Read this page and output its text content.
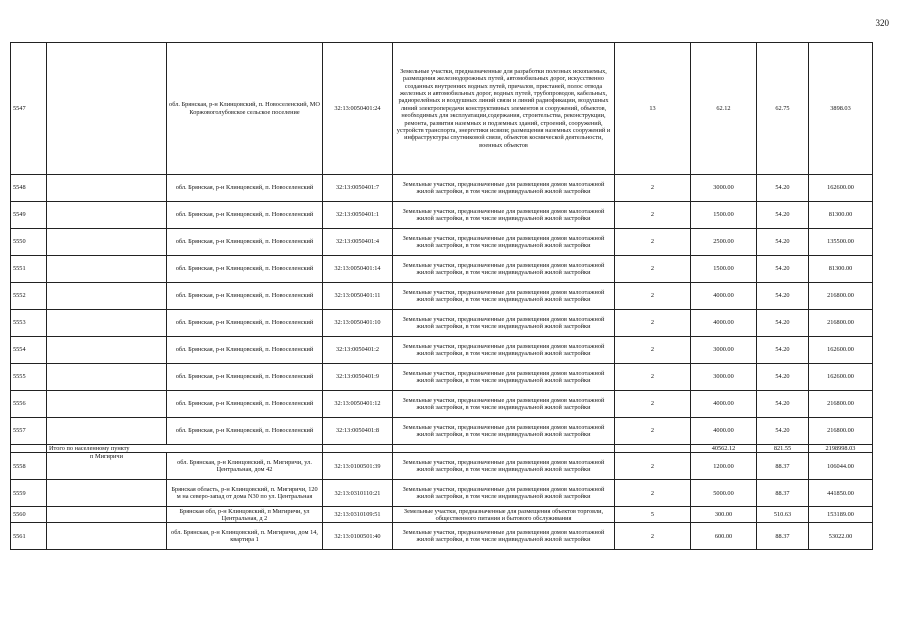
320
5547		обл. Брянская, р-н Клинцовский, п. Новоселенский, МО Коржовоголубовское сельское поселение	32:13:0050401:24	Земельные участки, предназначенные для разработки полезных ископаемых, размещения железнодорожных путей, автомобильных дорог, искусственно созданных внутренних водных путей, причалов, пристаней, полос отвода железных и автомобильных дорог, водных путей, трубопроводов, кабельных, радиорелейных и воздушных линий связи и линий радиофикации, воздушных линий электропередачи конструктивных элементов и сооружений, объектов, необходимых для эксплуатации,содержания, строительства, реконструкции, ремонта, развития наземных и подземных зданий, строений, сооружений, устройств транспорта, энергетики исвязи; размещения наземных сооружений и инфраструктуры спутниковой связи, объектов космической деятельности, военных объектов	13	62.12	62.75	3898.03
5548		обл. Брянская, р-н Клинцовский, п. Новоселенский	32:13:0050401:7	Земельные участки, предназначенные для размещения домов малоэтажной жилой застройки, в том числе индивидуальной жилой застройки	2	3000.00	54.20	162600.00
5549		обл. Брянская, р-н Клинцовский, п. Новоселенский	32:13:0050401:1	Земельные участки, предназначенные для размещения домов малоэтажной жилой застройки, в том числе индивидуальной жилой застройки	2	1500.00	54.20	81300.00
5550		обл. Брянская, р-н Клинцовский, п. Новоселенский	32:13:0050401:4	Земельные участки, предназначенные для размещения домов малоэтажной жилой застройки, в том числе индивидуальной жилой застройки	2	2500.00	54.20	135500.00
5551		обл. Брянская, р-н Клинцовский, п. Новоселенский	32:13:0050401:14	Земельные участки, предназначенные для размещения домов малоэтажной жилой застройки, в том числе индивидуальной жилой застройки	2	1500.00	54.20	81300.00
5552		обл. Брянская, р-н Клинцовский, п. Новоселенский	32:13:0050401:11	Земельные участки, предназначенные для размещения домов малоэтажной жилой застройки, в том числе индивидуальной жилой застройки	2	4000.00	54.20	216800.00
5553		обл. Брянская, р-н Клинцовский, п. Новоселенский	32:13:0050401:10	Земельные участки, предназначенные для размещения домов малоэтажной жилой застройки, в том числе индивидуальной жилой застройки	2	4000.00	54.20	216800.00
5554		обл. Брянская, р-н Клинцовский, п. Новоселенский	32:13:0050401:2	Земельные участки, предназначенные для размещения домов малоэтажной жилой застройки, в том числе индивидуальной жилой застройки	2	3000.00	54.20	162600.00
5555		обл. Брянская, р-н Клинцовский, п. Новоселенский	32:13:0050401:9	Земельные участки, предназначенные для размещения домов малоэтажной жилой застройки, в том числе индивидуальной жилой застройки	2	3000.00	54.20	162600.00
5556		обл. Брянская, р-н Клинцовский, п. Новоселенский	32:13:0050401:12	Земельные участки, предназначенные для размещения домов малоэтажной жилой застройки, в том числе индивидуальной жилой застройки	2	4000.00	54.20	216800.00
5557		обл. Брянская, р-н Клинцовский, п. Новоселенский	32:13:0050401:8	Земельные участки, предназначенные для размещения домов малоэтажной жилой застройки, в том числе индивидуальной жилой застройки	2	4000.00	54.20	216800.00
	Итого по населенному пункту					40562.12	821.55	2198998.03
5558	п Мигиричи	обл. Брянская, р-н Клинцовский, п. Мигиричи, ул. Центральная, дом 42	32:13:0100501:39	Земельные участки, предназначенные для размещения домов малоэтажной жилой застройки, в том числе индивидуальной жилой застройки	2	1200.00	88.37	106044.00
5559		Брянская область, р-н Клинцовский, п. Мигиричи, 120 м на северо-запад от дома N30 по ул. Центральная	32:13:0310110:21	Земельные участки, предназначенные для размещения домов малоэтажной жилой застройки, в том числе индивидуальной жилой застройки	2	5000.00	88.37	441850.00
5560		Брянская обл, р-н Клинцовский, п Мигиричи, ул Центральная, д 2	32:13:0310109:51	Земельные участки, предназначенные для размещения объектов торговли, общественного питания и бытового обслуживания	5	300.00	510.63	153189.00
5561		обл. Брянская, р-н Клинцовский, п. Мигиричи, дом 14, квартира 1	32:13:0100501:40	Земельные участки, предназначенные для размещения домов малоэтажной жилой застройки, в том числе индивидуальной жилой застройки	2	600.00	88.37	53022.00
